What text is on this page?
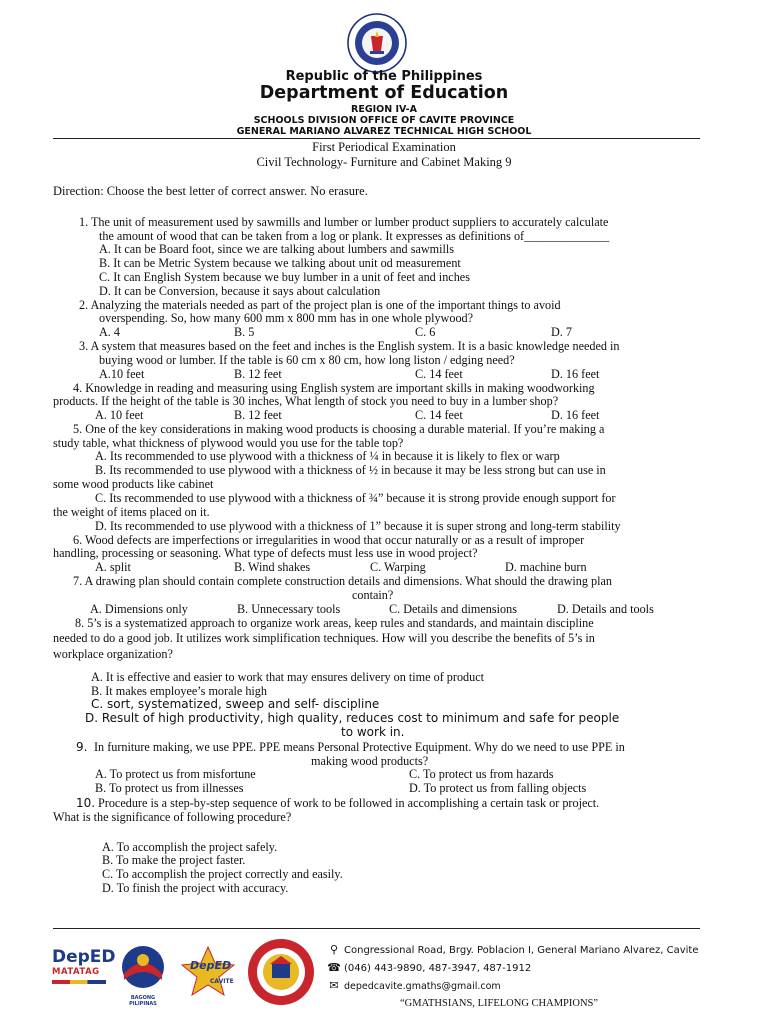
Republic of the Philippines
Department of Education
REGION IV-A
SCHOOLS DIVISION OFFICE OF CAVITE PROVINCE
GENERAL MARIANO ALVAREZ TECHNICAL HIGH SCHOOL
First Periodical Examination
Civil Technology- Furniture and Cabinet Making 9
Direction: Choose the best letter of correct answer. No erasure.
1. The unit of measurement used by sawmills and lumber or lumber product suppliers to accurately calculate
the amount of wood that can be taken from a log or plank. It expresses as definitions of______________
A. It can be Board foot, since we are talking about lumbers and sawmills
B. It can be Metric System because we talking about unit od measurement
C. It can English System because we buy lumber in a unit of feet and inches
D. It can be Conversion, because it says about calculation
2. Analyzing the materials needed as part of the project plan is one of the important things to avoid
overspending. So, how many 600 mm x 800 mm has in one whole plywood?
A. 4	B. 5	C. 6	D. 7
3. A system that measures based on the feet and inches is the English system. It is a basic knowledge needed in
buying wood or lumber. If the table is 60 cm x 80 cm, how long liston / edging need?
A.10 feet	B. 12 feet	C. 14 feet	D. 16 feet
4. Knowledge in reading and measuring using English system are important skills in making woodworking
products. If the height of the table is 30 inches, What length of stock you need to buy in a lumber shop?
A. 10 feet	B. 12 feet	C. 14 feet	D. 16 feet
5. One of the key considerations in making wood products is choosing a durable material. If you’re making a
study table, what thickness of plywood would you use for the table top?
A. Its recommended to use plywood with a thickness of ¼ in because it is likely to flex or warp
B. Its recommended to use plywood with a thickness of ½ in because it may be less strong but can use in
some wood products like cabinet
C. Its recommended to use plywood with a thickness of ¾” because it is strong provide enough support for
the weight of items placed on it.
D. Its recommended to use plywood with a thickness of 1” because it is super strong and long-term stability
6. Wood defects are imperfections or irregularities in wood that occur naturally or as a result of improper
handling, processing or seasoning. What type of defects must less use in wood project?
A. split	B. Wind shakes	C. Warping	D. machine burn
7. A drawing plan should contain complete construction details and dimensions. What should the drawing plan
contain?
A. Dimensions only	B. Unnecessary tools	C. Details and dimensions	D. Details and tools
8. 5’s is a systematized approach to organize work areas, keep rules and standards, and maintain discipline
needed to do a good job. It utilizes work simplification techniques. How will you describe the benefits of 5’s in
workplace organization?
A. It is effective and easier to work that may ensures delivery on time of product
B. It makes employee’s morale high
C. sort, systematized, sweep and self- discipline
D. Result of high productivity, high quality, reduces cost to minimum and safe for people
to work in.
9. In furniture making, we use PPE. PPE means Personal Protective Equipment. Why do we need to use PPE in
making wood products?
A. To protect us from misfortune	C. To protect us from hazards
B. To protect us from illnesses	D. To protect us from falling objects
10. Procedure is a step-by-step sequence of work to be followed in accomplishing a certain task or project.
What is the significance of following procedure?
A. To accomplish the project safely.
B. To make the project faster.
C. To accomplish the project correctly and easily.
D. To finish the project with accuracy.
DepED
MATATAG
BAGONG PILIPINAS
DepED
CAVITE
⚲ Congressional Road, Brgy. Poblacion I, General Mariano Alvarez, Cavite
☎ (046) 443-9890, 487-3947, 487-1912
✉ depedcavite.gmaths@gmail.com
“GMATHSIANS, LIFELONG CHAMPIONS”
